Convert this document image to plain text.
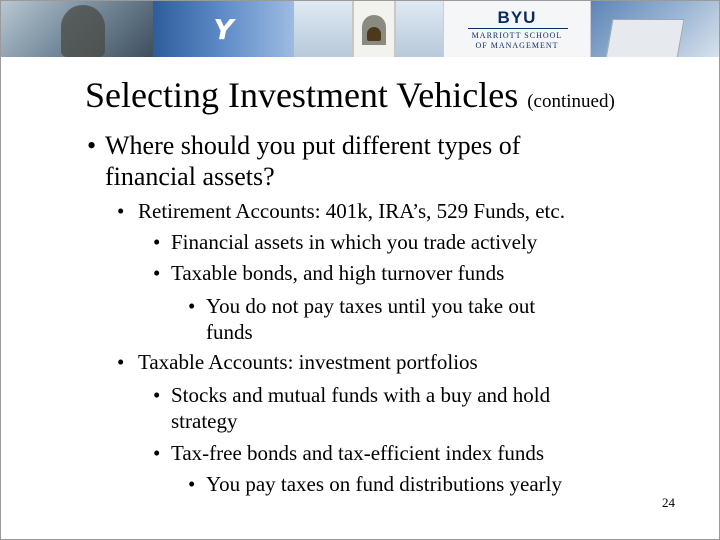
Y	BYU
MARRIOTT SCHOOL
OF MANAGEMENT
Selecting Investment Vehicles (continued)
• Where should you put different types of
financial assets?
• Retirement Accounts: 401k, IRA’s, 529 Funds, etc.
• Financial assets in which you trade actively
• Taxable bonds, and high turnover funds
• You do not pay taxes until you take out
funds
• Taxable Accounts: investment portfolios
• Stocks and mutual funds with a buy and hold
strategy
• Tax-free bonds and tax-efficient index funds
• You pay taxes on fund distributions yearly
24
